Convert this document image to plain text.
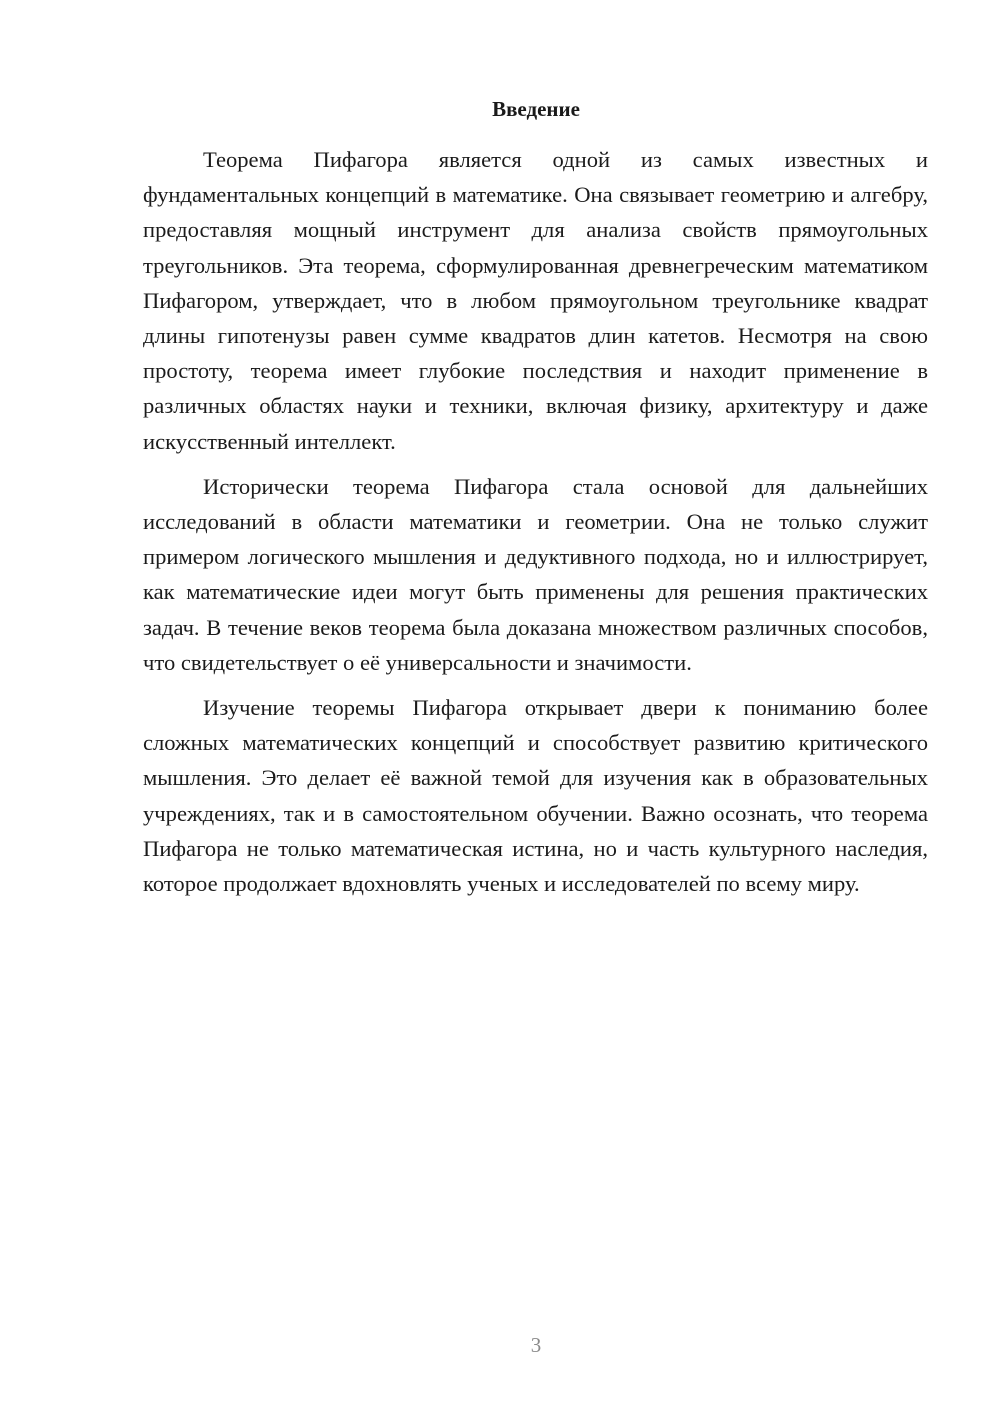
Введение

Теорема Пифагора является одной из самых известных и фундаментальных концепций в математике. Она связывает геометрию и алгебру, предоставляя мощный инструмент для анализа свойств прямоугольных треугольников. Эта теорема, сформулированная древнегреческим математиком Пифагором, утверждает, что в любом прямоугольном треугольнике квадрат длины гипотенузы равен сумме квадратов длин катетов. Несмотря на свою простоту, теорема имеет глубокие последствия и находит применение в различных областях науки и техники, включая физику, архитектуру и даже искусственный интеллект.

Исторически теорема Пифагора стала основой для дальнейших исследований в области математики и геометрии. Она не только служит примером логического мышления и дедуктивного подхода, но и иллюстрирует, как математические идеи могут быть применены для решения практических задач. В течение веков теорема была доказана множеством различных способов, что свидетельствует о её универсальности и значимости.

Изучение теоремы Пифагора открывает двери к пониманию более сложных математических концепций и способствует развитию критического мышления. Это делает её важной темой для изучения как в образовательных учреждениях, так и в самостоятельном обучении. Важно осознать, что теорема Пифагора не только математическая истина, но и часть культурного наследия, которое продолжает вдохновлять ученых и исследователей по всему миру.

3
